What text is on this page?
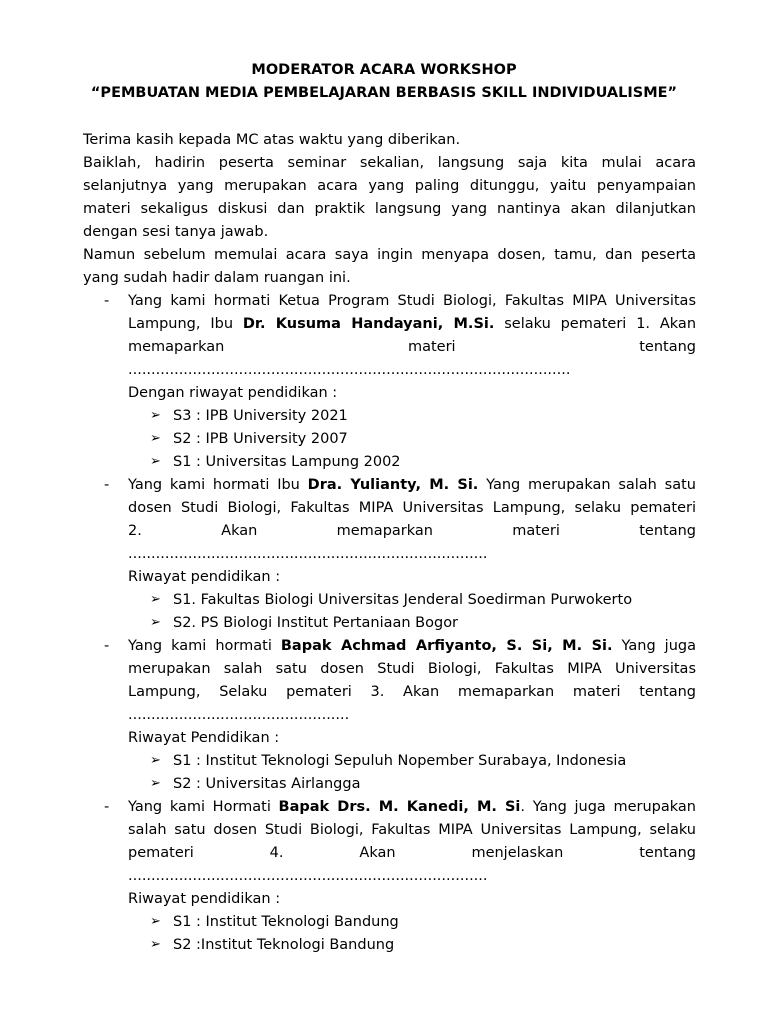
MODERATOR ACARA WORKSHOP
“PEMBUATAN MEDIA PEMBELAJARAN BERBASIS SKILL INDIVIDUALISME”
Terima kasih kepada MC atas waktu yang diberikan.
Baiklah, hadirin peserta seminar sekalian, langsung saja kita mulai acara
selanjutnya yang merupakan acara yang paling ditunggu, yaitu penyampaian
materi sekaligus diskusi dan praktik langsung yang nantinya akan dilanjutkan
dengan sesi tanya jawab.
Namun sebelum memulai acara saya ingin menyapa dosen, tamu, dan peserta
yang sudah hadir dalam ruangan ini.
- Yang kami hormati Ketua Program Studi Biologi, Fakultas MIPA Universitas
Lampung, Ibu Dr. Kusuma Handayani, M.Si. selaku pemateri 1. Akan
memaparkan materi tentang
................................................................................................
Dengan riwayat pendidikan :
➢ S3 : IPB University 2021
➢ S2 : IPB University 2007
➢ S1 : Universitas Lampung 2002
- Yang kami hormati Ibu Dra. Yulianty, M. Si. Yang merupakan salah satu
dosen Studi Biologi, Fakultas MIPA Universitas Lampung, selaku pemateri
2. Akan memaparkan materi tentang
..............................................................................
Riwayat pendidikan :
➢ S1. Fakultas Biologi Universitas Jenderal Soedirman Purwokerto
➢ S2. PS Biologi Institut Pertaniaan Bogor
- Yang kami hormati Bapak Achmad Arfiyanto, S. Si, M. Si. Yang juga
merupakan salah satu dosen Studi Biologi, Fakultas MIPA Universitas
Lampung, Selaku pemateri 3. Akan memaparkan materi tentang
................................................
Riwayat Pendidikan :
➢ S1 : Institut Teknologi Sepuluh Nopember Surabaya, Indonesia
➢ S2 : Universitas Airlangga
- Yang kami Hormati Bapak Drs. M. Kanedi, M. Si. Yang juga merupakan
salah satu dosen Studi Biologi, Fakultas MIPA Universitas Lampung, selaku
pemateri 4. Akan menjelaskan tentang
..............................................................................
Riwayat pendidikan :
➢ S1 : Institut Teknologi Bandung
➢ S2 :Institut Teknologi Bandung
